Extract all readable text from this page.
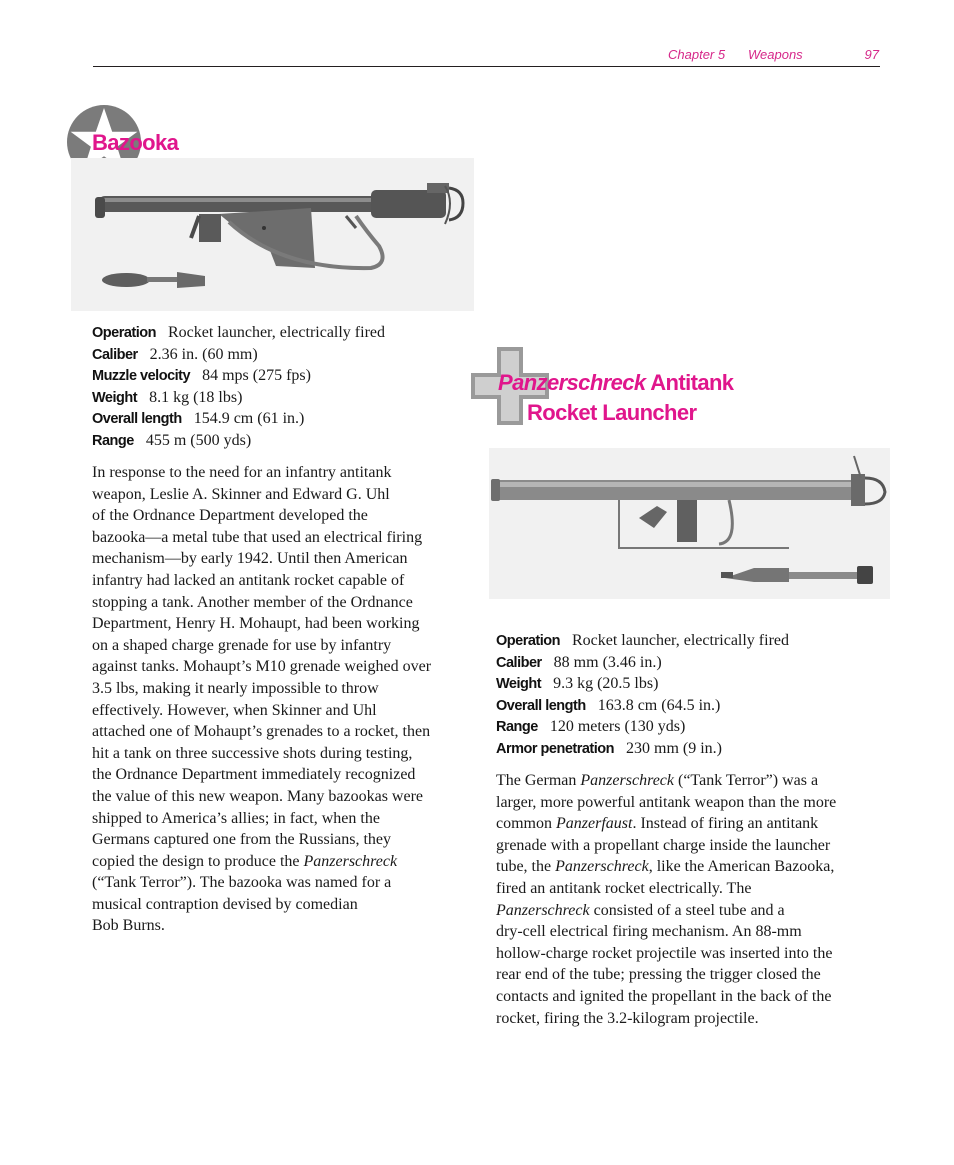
Chapter 5 Weapons	97
Bazooka
Operation Rocket launcher, electrically fired
Caliber 2.36 in. (60 mm)
Muzzle velocity 84 mps (275 fps)
Weight 8.1 kg (18 lbs)
Overall length 154.9 cm (61 in.)
Range 455 m (500 yds)

In response to the need for an infantry antitank
weapon, Leslie A. Skinner and Edward G. Uhl
of the Ordnance Department developed the
bazooka—a metal tube that used an electrical firing
mechanism—by early 1942. Until then American
infantry had lacked an antitank rocket capable of
stopping a tank. Another member of the Ordnance
Department, Henry H. Mohaupt, had been working
on a shaped charge grenade for use by infantry
against tanks. Mohaupt’s M10 grenade weighed over
3.5 lbs, making it nearly impossible to throw
effectively. However, when Skinner and Uhl
attached one of Mohaupt’s grenades to a rocket, then
hit a tank on three successive shots during testing,
the Ordnance Department immediately recognized
the value of this new weapon. Many bazookas were
shipped to America’s allies; in fact, when the
Germans captured one from the Russians, they
copied the design to produce the Panzerschreck
(“Tank Terror”). The bazooka was named for a
musical contraption devised by comedian
Bob Burns.

Panzerschreck Antitank
Rocket Launcher
Operation Rocket launcher, electrically fired
Caliber 88 mm (3.46 in.)
Weight 9.3 kg (20.5 lbs)
Overall length 163.8 cm (64.5 in.)
Range 120 meters (130 yds)
Armor penetration 230 mm (9 in.)

The German Panzerschreck (“Tank Terror”) was a
larger, more powerful antitank weapon than the more
common Panzerfaust. Instead of firing an antitank
grenade with a propellant charge inside the launcher
tube, the Panzerschreck, like the American Bazooka,
fired an antitank rocket electrically. The
Panzerschreck consisted of a steel tube and a
dry-cell electrical firing mechanism. An 88-mm
hollow-charge rocket projectile was inserted into the
rear end of the tube; pressing the trigger closed the
contacts and ignited the propellant in the back of the
rocket, firing the 3.2-kilogram projectile.
